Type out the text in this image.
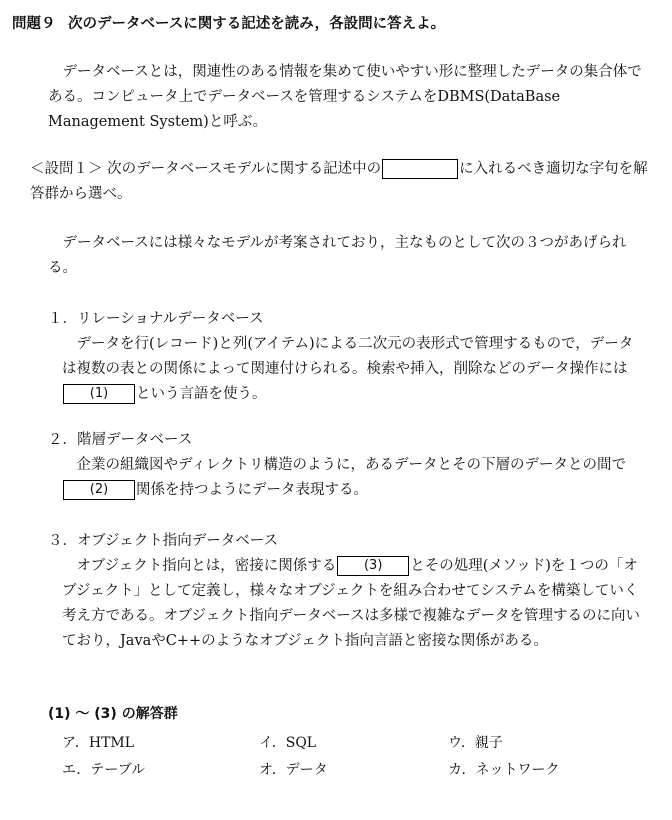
問題９ 次のデータベースに関する記述を読み，各設問に答えよ。

データベースとは，関連性のある情報を集めて使いやすい形に整理したデータの集合体である。コンピュータ上でデータベースを管理するシステムをDBMS(DataBase Management System)と呼ぶ。

＜設問１＞ 次のデータベースモデルに関する記述中の	に入れるべき適切な字句を解答群から選べ。

データベースには様々なモデルが考案されており，主なものとして次の３つがあげられる。

１．リレーショナルデータベース

データを行(レコード)と列(アイテム)による二次元の表形式で管理するもので，データは複数の表との関係によって関連付けられる。検索や挿入，削除などのデータ操作には(1) という言語を使う。

２．階層データベース

企業の組織図やディレクトリ構造のように，あるデータとその下層のデータとの間で(2) 関係を持つようにデータ表現する。

３．オブジェクト指向データベース

オブジェクト指向とは，密接に関係する (3) とその処理(メソッド)を１つの「オブジェクト」として定義し，様々なオブジェクトを組み合わせてシステムを構築していく考え方である。オブジェクト指向データベースは多様で複雑なデータを管理するのに向いており，JavaやC++のようなオブジェクト指向言語と密接な関係がある。

(1) ～ (3) の解答群
ア．HTML	イ．SQL	ウ．親子
エ．テーブル	オ．データ	カ．ネットワーク
